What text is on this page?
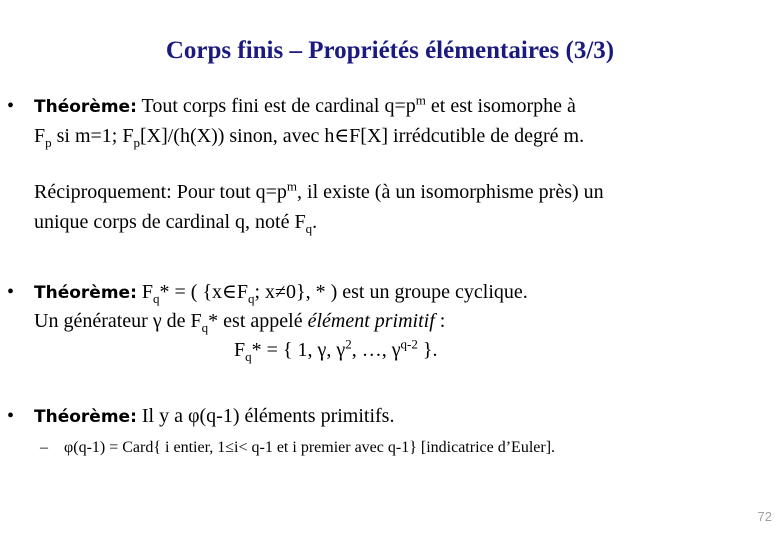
Corps finis – Propriétés élémentaires (3/3)
• Théorème: Tout corps fini est de cardinal $q=p^m$ et est isomorphe à
$F_p$ si m=1; $F_p[X]/(h(X))$ sinon, avec h∈F[X] irrédcutible de degré m.
Réciproquement: Pour tout $q=p^m$, il existe (à un isomorphisme près) un
unique corps de cardinal q, noté $F_q$.
• Théorème: $F_q*$ = ( {$x\in F_q$; x≠0}, * ) est un groupe cyclique.
Un générateur γ de $F_q*$ est appelé élément primitif :
$F_q*$ = { 1, γ, $\gamma^2$, …, $\gamma^{q-2}$ }.
• Théorème: Il y a φ(q-1) éléments primitifs.
– φ(q-1) = Card{ i entier, 1≤i< q-1 et i premier avec q-1} [indicatrice d’Euler].
72
